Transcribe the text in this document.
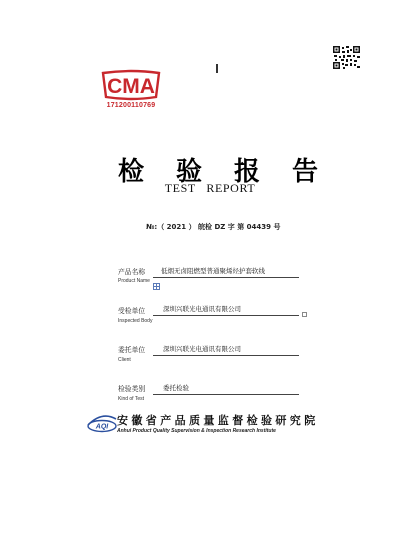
CMA
171200110769
检 验 报 告
TEST   REPORT
№:（ 2021 ） 皖检 DZ 字 第 04439 号
产品名称
Product Name
低烟无卤阻燃型普通聚烯烃护套软线
受检单位
Inspected Body
深圳兴联光电通讯有限公司
委托单位
Client
深圳兴联光电通讯有限公司
检验类别
Kind of Test
委托检验
AQI 安徽省产品质量监督检验研究院
Anhui Product Quality Supervision & Inspection Research Institute
